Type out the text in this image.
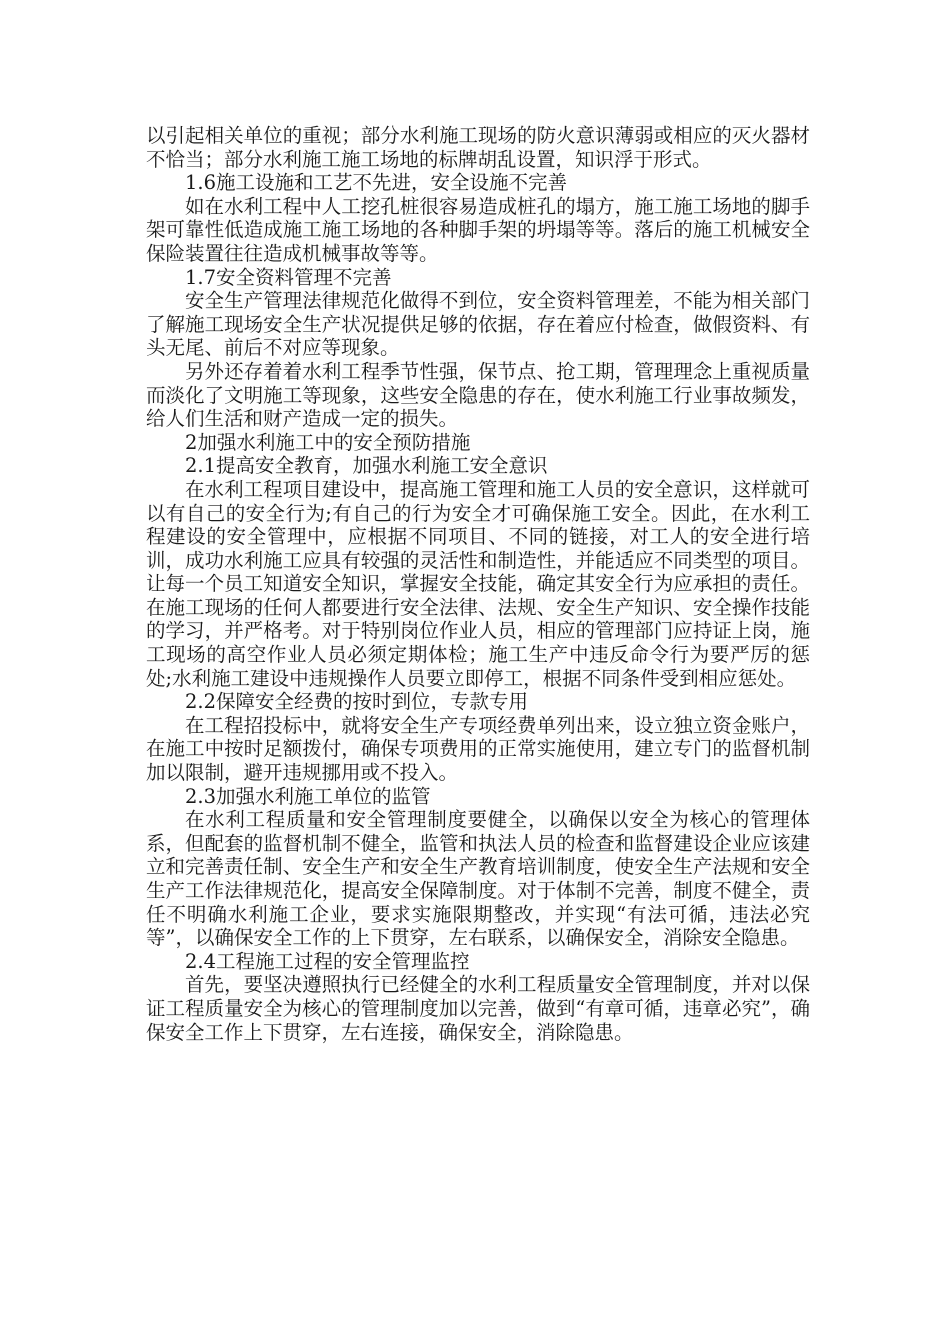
以引起相关单位的重视；部分水利施工现场的防火意识薄弱或相应的灭火器材不恰当；部分水利施工施工场地的标牌胡乱设置，知识浮于形式。

1.6施工设施和工艺不先进，安全设施不完善

如在水利工程中人工挖孔桩很容易造成桩孔的塌方，施工施工场地的脚手架可靠性低造成施工施工场地的各种脚手架的坍塌等等。落后的施工机械安全保险装置往往造成机械事故等等。

1.7安全资料管理不完善

安全生产管理法律规范化做得不到位，安全资料管理差，不能为相关部门了解施工现场安全生产状况提供足够的依据，存在着应付检查，做假资料、有头无尾、前后不对应等现象。

另外还存着着水利工程季节性强，保节点、抢工期，管理理念上重视质量而淡化了文明施工等现象，这些安全隐患的存在，使水利施工行业事故频发，给人们生活和财产造成一定的损失。

2加强水利施工中的安全预防措施

2.1提高安全教育，加强水利施工安全意识

在水利工程项目建设中，提高施工管理和施工人员的安全意识，这样就可以有自己的安全行为;有自己的行为安全才可确保施工安全。因此，在水利工程建设的安全管理中，应根据不同项目、不同的链接，对工人的安全进行培训，成功水利施工应具有较强的灵活性和制造性，并能适应不同类型的项目。让每一个员工知道安全知识，掌握安全技能，确定其安全行为应承担的责任。在施工现场的任何人都要进行安全法律、法规、安全生产知识、安全操作技能的学习，并严格考。对于特别岗位作业人员，相应的管理部门应持证上岗，施工现场的高空作业人员必须定期体检；施工生产中违反命令行为要严厉的惩处;水利施工建设中违规操作人员要立即停工，根据不同条件受到相应惩处。

2.2保障安全经费的按时到位，专款专用

在工程招投标中，就将安全生产专项经费单列出来，设立独立资金账户，在施工中按时足额拨付，确保专项费用的正常实施使用，建立专门的监督机制加以限制，避开违规挪用或不投入。

2.3加强水利施工单位的监管

在水利工程质量和安全管理制度要健全，以确保以安全为核心的管理体系，但配套的监督机制不健全，监管和执法人员的检查和监督建设企业应该建立和完善责任制、安全生产和安全生产教育培训制度，使安全生产法规和安全生产工作法律规范化，提高安全保障制度。对于体制不完善，制度不健全，责任不明确水利施工企业，要求实施限期整改，并实现“有法可循，违法必究等”，以确保安全工作的上下贯穿，左右联系，以确保安全，消除安全隐患。

2.4工程施工过程的安全管理监控

首先，要坚决遵照执行已经健全的水利工程质量安全管理制度，并对以保证工程质量安全为核心的管理制度加以完善，做到“有章可循，违章必究”，确保安全工作上下贯穿，左右连接，确保安全，消除隐患。
